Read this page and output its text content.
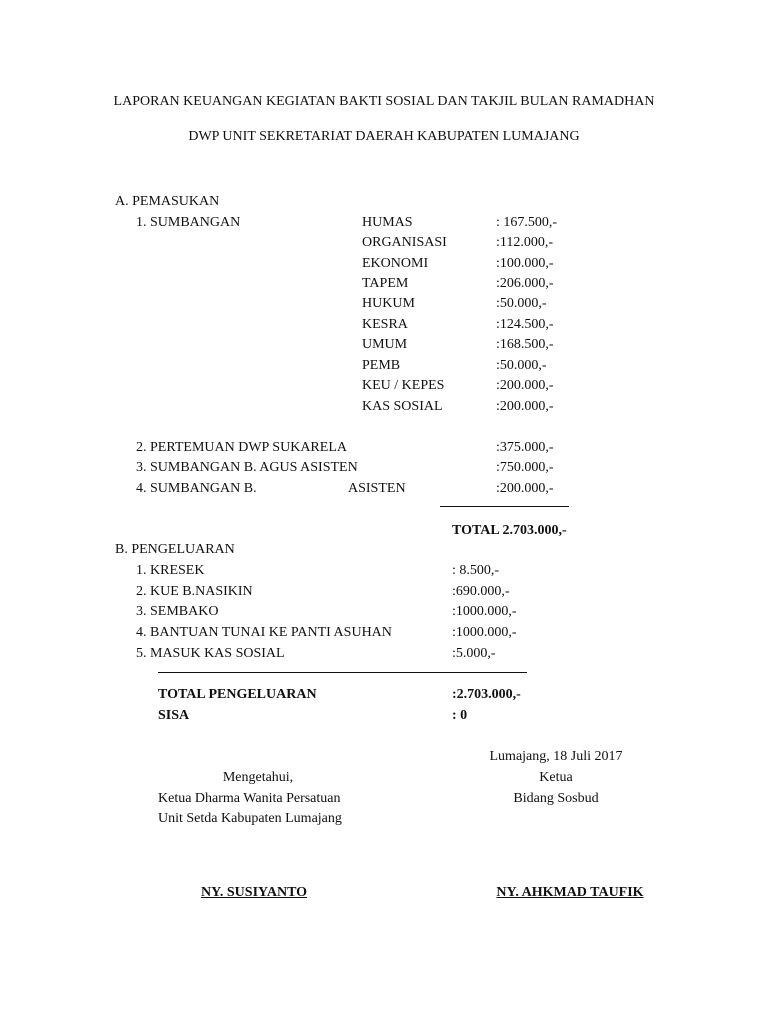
LAPORAN KEUANGAN KEGIATAN BAKTI SOSIAL DAN TAKJIL BULAN RAMADHAN
DWP UNIT SEKRETARIAT DAERAH KABUPATEN LUMAJANG
A. PEMASUKAN
1. SUMBANGAN	HUMAS	: 167.500,-
ORGANISASI	:112.000,-
EKONOMI	:100.000,-
TAPEM	:206.000,-
HUKUM	:50.000,-
KESRA	:124.500,-
UMUM	:168.500,-
PEMB	:50.000,-
KEU / KEPES	:200.000,-
KAS SOSIAL	:200.000,-
2. PERTEMUAN DWP SUKARELA	:375.000,-
3. SUMBANGAN B. AGUS ASISTEN	:750.000,-
4. SUMBANGAN B.	ASISTEN	:200.000,-
TOTAL 2.703.000,-
B. PENGELUARAN
1. KRESEK	: 8.500,-
2. KUE B.NASIKIN	:690.000,-
3. SEMBAKO	:1000.000,-
4. BANTUAN TUNAI KE PANTI ASUHAN	:1000.000,-
5. MASUK KAS SOSIAL	:5.000,-
TOTAL PENGELUARAN	:2.703.000,-
SISA	: 0
Lumajang, 18 Juli 2017
Mengetahui,	Ketua
Ketua Dharma Wanita Persatuan	Bidang Sosbud
Unit Setda Kabupaten Lumajang
NY. SUSIYANTO	NY. AHKMAD TAUFIK
